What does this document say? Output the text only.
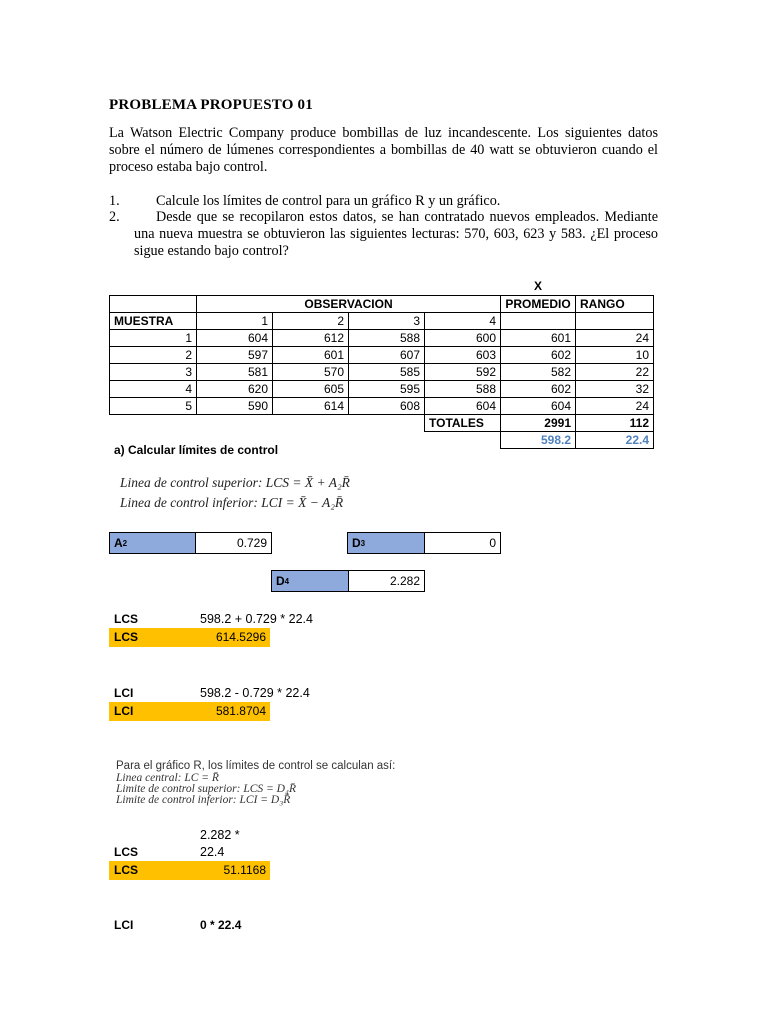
PROBLEMA PROPUESTO 01
La Watson Electric Company produce bombillas de luz incandescente. Los siguientes datos sobre el número de lúmenes correspondientes a bombillas de 40 watt se obtuvieron cuando el proceso estaba bajo control.
1.	Calcule los límites de control para un gráfico R y un gráfico.
2.	Desde que se recopilaron estos datos, se han contratado nuevos empleados. Mediante una nueva muestra se obtuvieron las siguientes lecturas: 570, 603, 623 y 583. ¿El proceso sigue estando bajo control?
X
	OBSERVACION				PROMEDIO	RANGO
MUESTRA	1	2	3	4		
1	604	612	588	600	601	24
2	597	601	607	603	602	10
3	581	570	585	592	582	22
4	620	605	595	588	602	32
5	590	614	608	604	604	24
				TOTALES	2991	112
					598.2	22.4
a) Calcular límites de control
Linea de control superior: LCS = X̄ + A₂R̄
Linea de control inferior: LCI = X̄ − A₂R̄
A 2	0.729	D 3	0
D 4	2.282
LCS	598.2 + 0.729 * 22.4
LCS	614.5296
LCI	598.2 - 0.729 * 22.4
LCI	581.8704
Para el gráfico R, los límites de control se calculan así:
Linea central: LC = R̄
Limite de control superior: LCS = D₄R̄
Limite de control inferior: LCI = D₃R̄
2.282 *
LCS	22.4
LCS	51.1168
LCI	0 * 22.4
